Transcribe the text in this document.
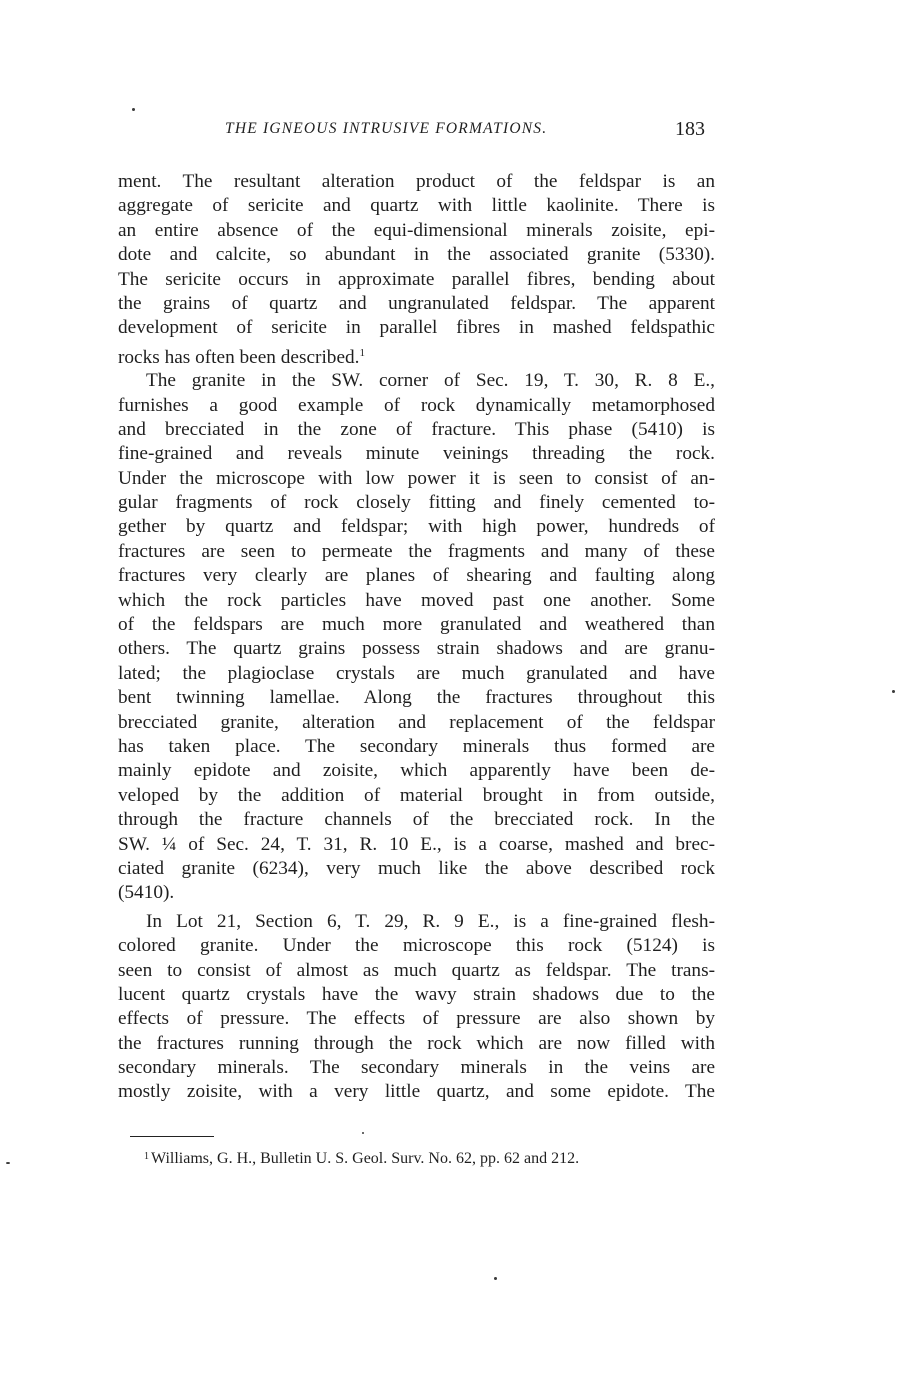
THE IGNEOUS INTRUSIVE FORMATIONS.	183
ment. The resultant alteration product of the feldspar is an
aggregate of sericite and quartz with little kaolinite. There is
an entire absence of the equi-dimensional minerals zoisite, epi-
dote and calcite, so abundant in the associated granite (5330).
The sericite occurs in approximate parallel fibres, bending about
the grains of quartz and ungranulated feldspar. The apparent
development of sericite in parallel fibres in mashed feldspathic
rocks has often been described.$^1$
The granite in the SW. corner of Sec. 19, T. 30, R. 8 E.,
furnishes a good example of rock dynamically metamorphosed
and brecciated in the zone of fracture. This phase (5410) is
fine-grained and reveals minute veinings threading the rock.
Under the microscope with low power it is seen to consist of an-
gular fragments of rock closely fitting and finely cemented to-
gether by quartz and feldspar; with high power, hundreds of
fractures are seen to permeate the fragments and many of these
fractures very clearly are planes of shearing and faulting along
which the rock particles have moved past one another. Some
of the feldspars are much more granulated and weathered than
others. The quartz grains possess strain shadows and are granu-
lated; the plagioclase crystals are much granulated and have
bent twinning lamellae. Along the fractures throughout this
brecciated granite, alteration and replacement of the feldspar
has taken place. The secondary minerals thus formed are
mainly epidote and zoisite, which apparently have been de-
veloped by the addition of material brought in from outside,
through the fracture channels of the brecciated rock. In the
SW. ¼ of Sec. 24, T. 31, R. 10 E., is a coarse, mashed and brec-
ciated granite (6234), very much like the above described rock
(5410).
In Lot 21, Section 6, T. 29, R. 9 E., is a fine-grained flesh-
colored granite. Under the microscope this rock (5124) is
seen to consist of almost as much quartz as feldspar. The trans-
lucent quartz crystals have the wavy strain shadows due to the
effects of pressure. The effects of pressure are also shown by
the fractures running through the rock which are now filled with
secondary minerals. The secondary minerals in the veins are
mostly zoisite, with a very little quartz, and some epidote. The
$^1$ Williams, G. H., Bulletin U. S. Geol. Surv. No. 62, pp. 62 and 212.
